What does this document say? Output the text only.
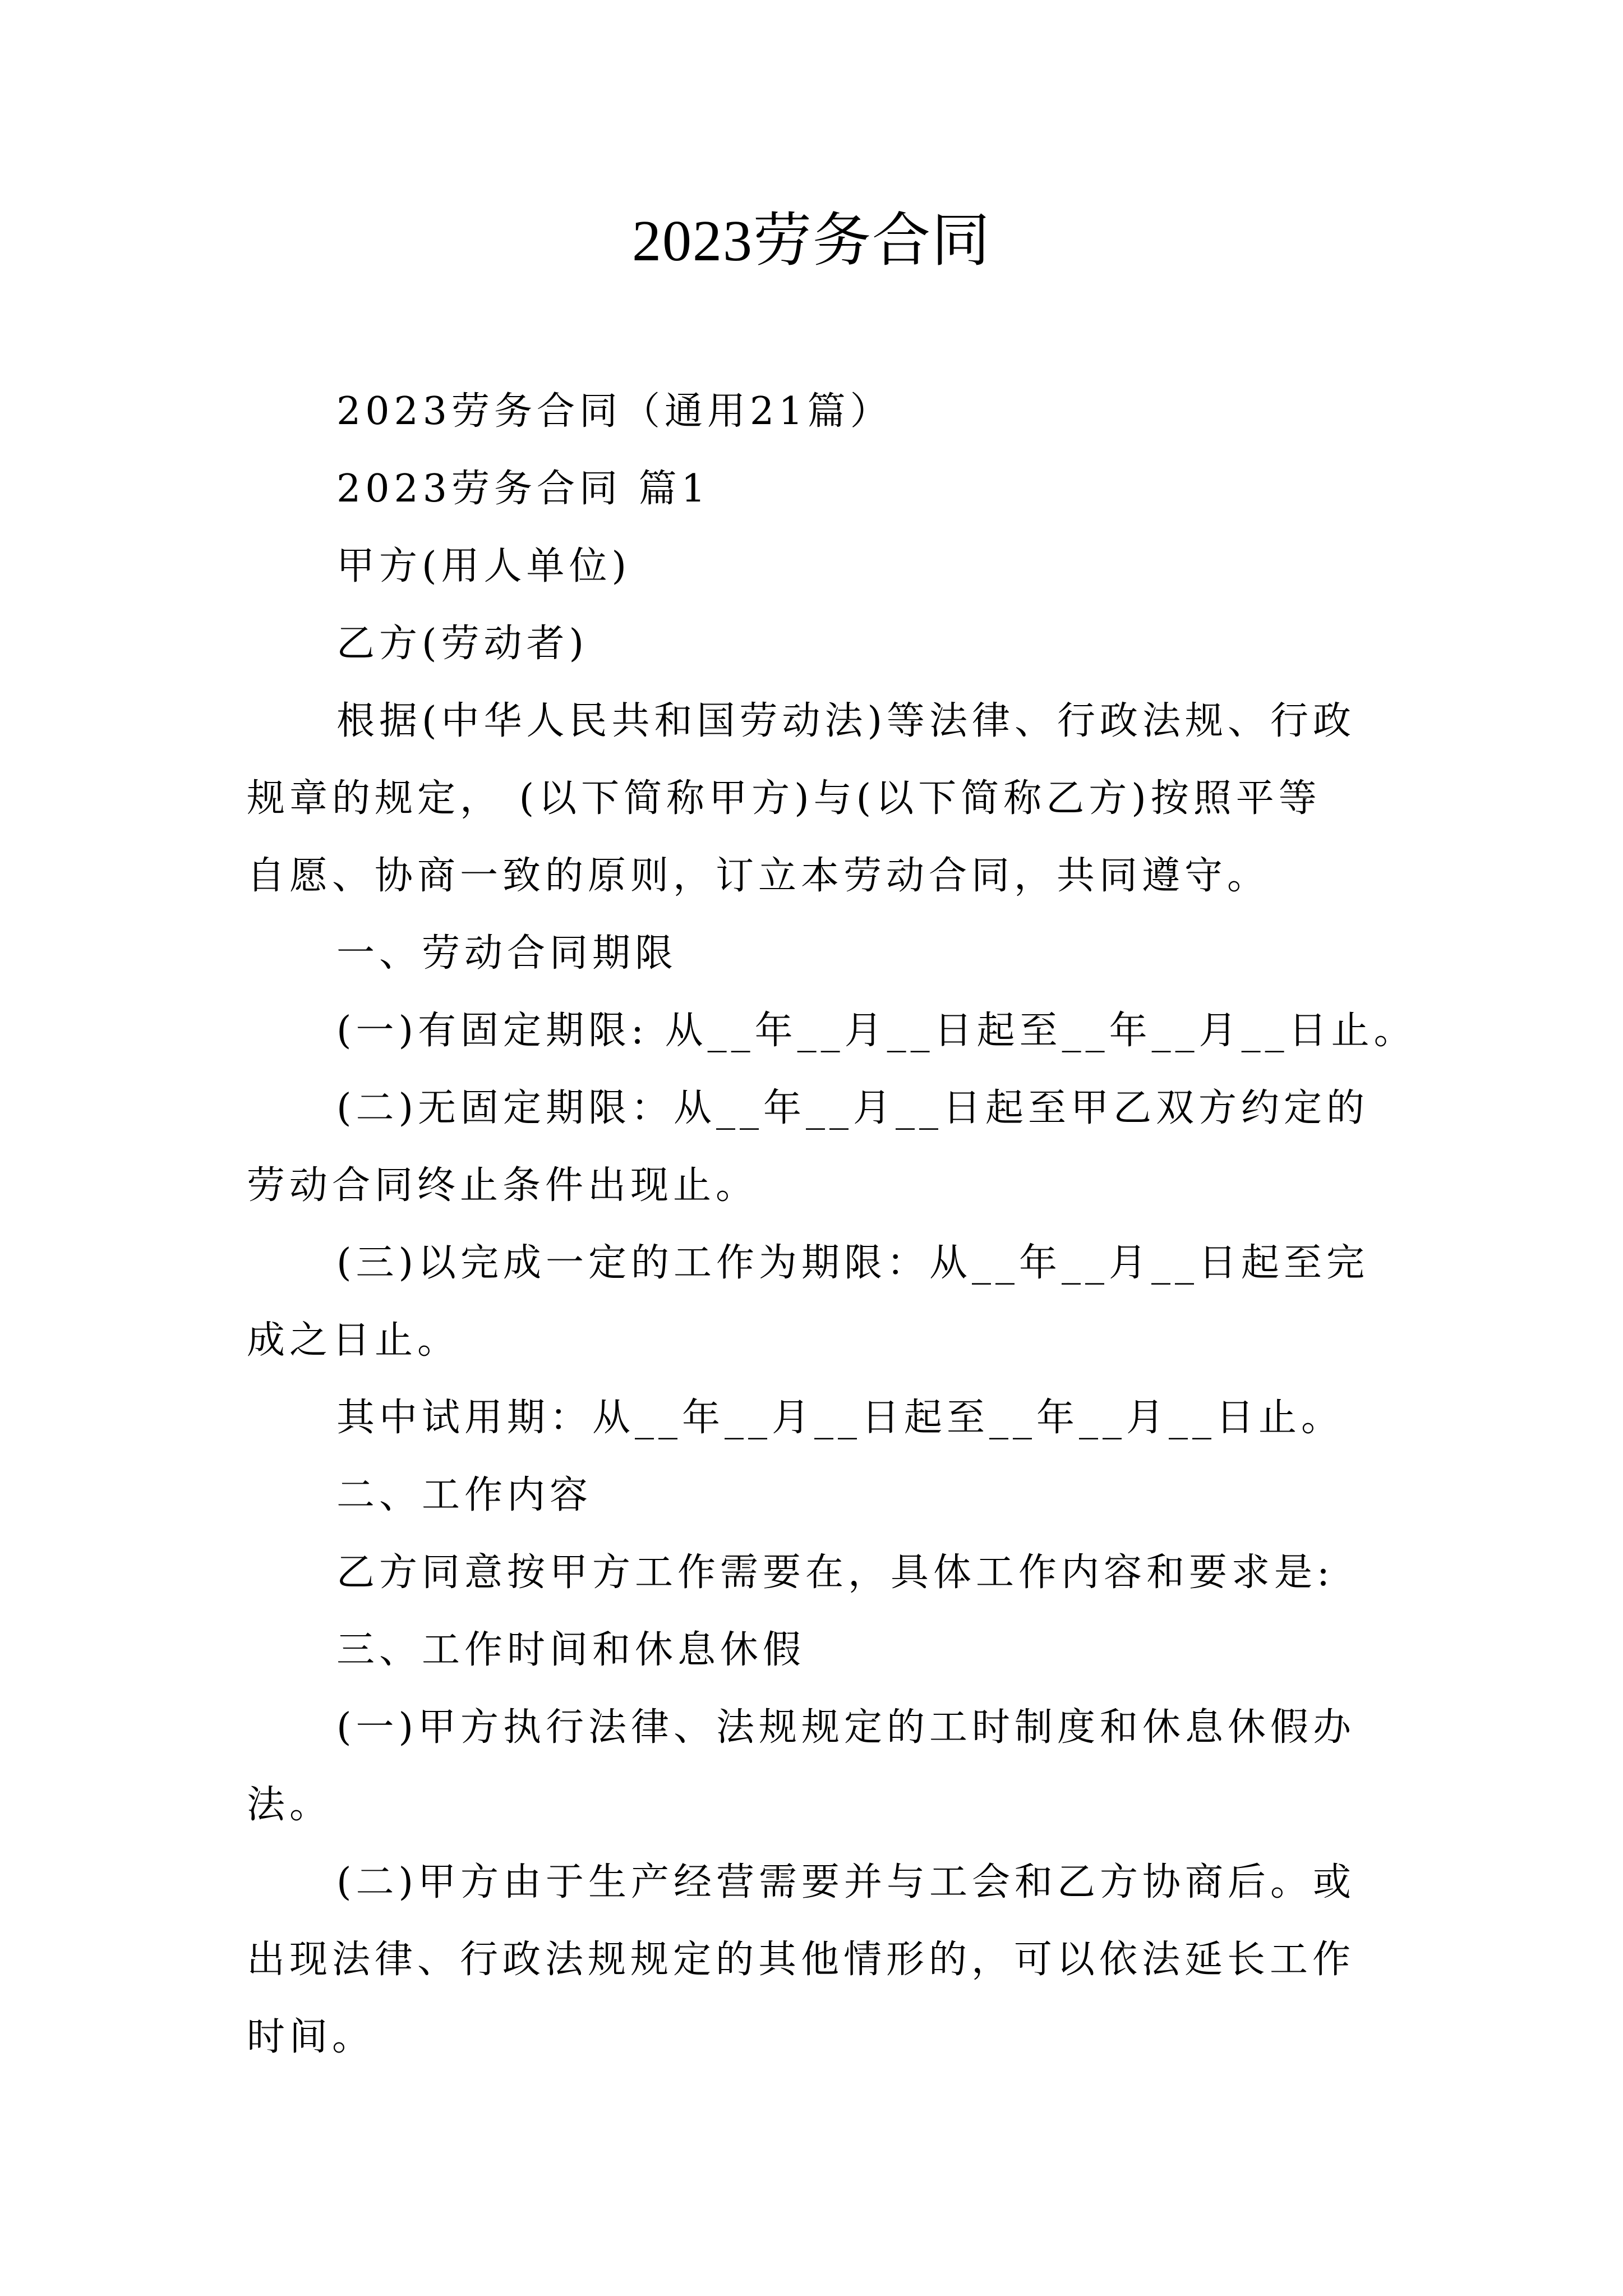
2023劳务合同

2023劳务合同（通用21篇）

2023劳务合同 篇1

甲方(用人单位)

乙方(劳动者)

根据(中华人民共和国劳动法)等法律、行政法规、行政

规章的规定， (以下简称甲方)与(以下简称乙方)按照平等

自愿、协商一致的原则，订立本劳动合同，共同遵守。

一、劳动合同期限

(一)有固定期限: 从__年__月__日起至__年__月__日止。

(二)无固定期限：从__年__月__日起至甲乙双方约定的

劳动合同终止条件出现止。

(三)以完成一定的工作为期限：从__年__月__日起至完

成之日止。

其中试用期：从__年__月__日起至__年__月__日止。

二、工作内容

乙方同意按甲方工作需要在，具体工作内容和要求是:

三、工作时间和休息休假

(一)甲方执行法律、法规规定的工时制度和休息休假办

法。

(二)甲方由于生产经营需要并与工会和乙方协商后。或

出现法律、行政法规规定的其他情形的，可以依法延长工作

时间。
